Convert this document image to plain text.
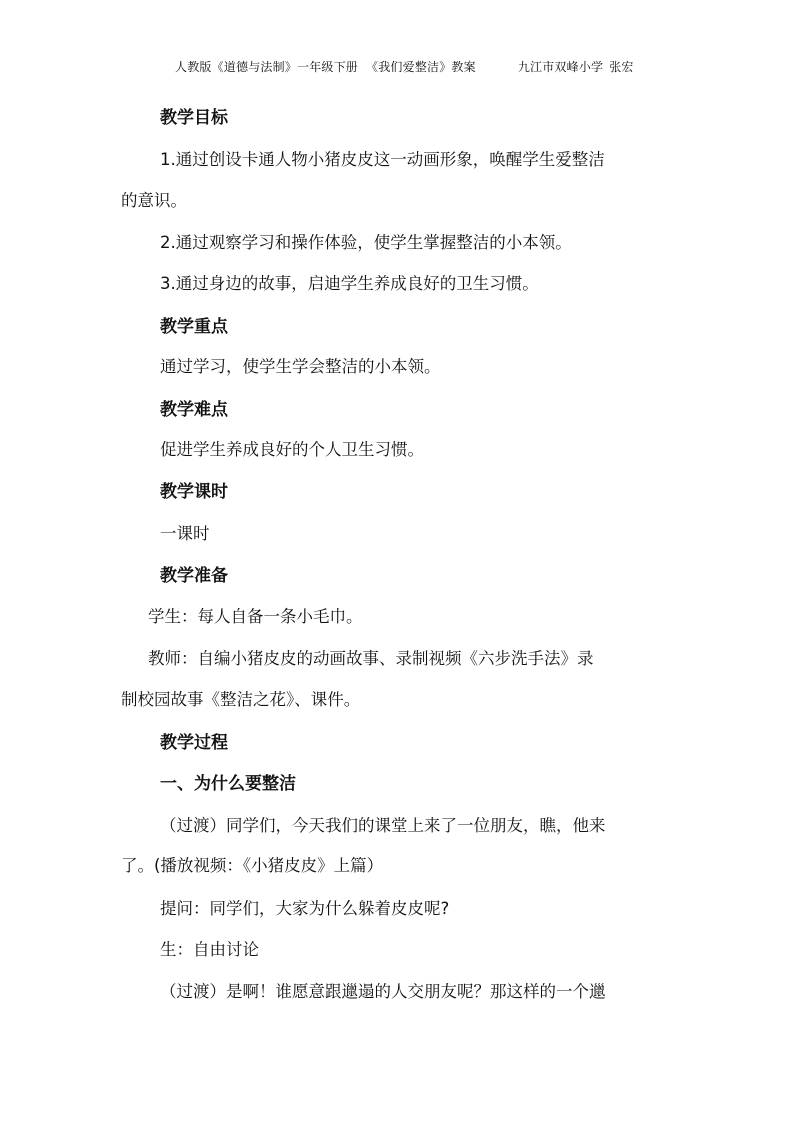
人教版《道德与法制》一年级下册 《我们爱整洁》教案	九江市双峰小学 张宏
教学目标
1.通过创设卡通人物小猪皮皮这一动画形象，唤醒学生爱整洁
的意识。
2.通过观察学习和操作体验，使学生掌握整洁的小本领。
3.通过身边的故事，启迪学生养成良好的卫生习惯。
教学重点
通过学习，使学生学会整洁的小本领。
教学难点
促进学生养成良好的个人卫生习惯。
教学课时
一课时
教学准备
学生：每人自备一条小毛巾。
教师：自编小猪皮皮的动画故事、录制视频《六步洗手法》录
制校园故事《整洁之花》、课件。
教学过程
一、为什么要整洁
（过渡）同学们，今天我们的课堂上来了一位朋友，瞧，他来
了。(播放视频：《小猪皮皮》上篇）
提问：同学们，大家为什么躲着皮皮呢?
生：自由讨论
（过渡）是啊！谁愿意跟邋遢的人交朋友呢？那这样的一个邋
